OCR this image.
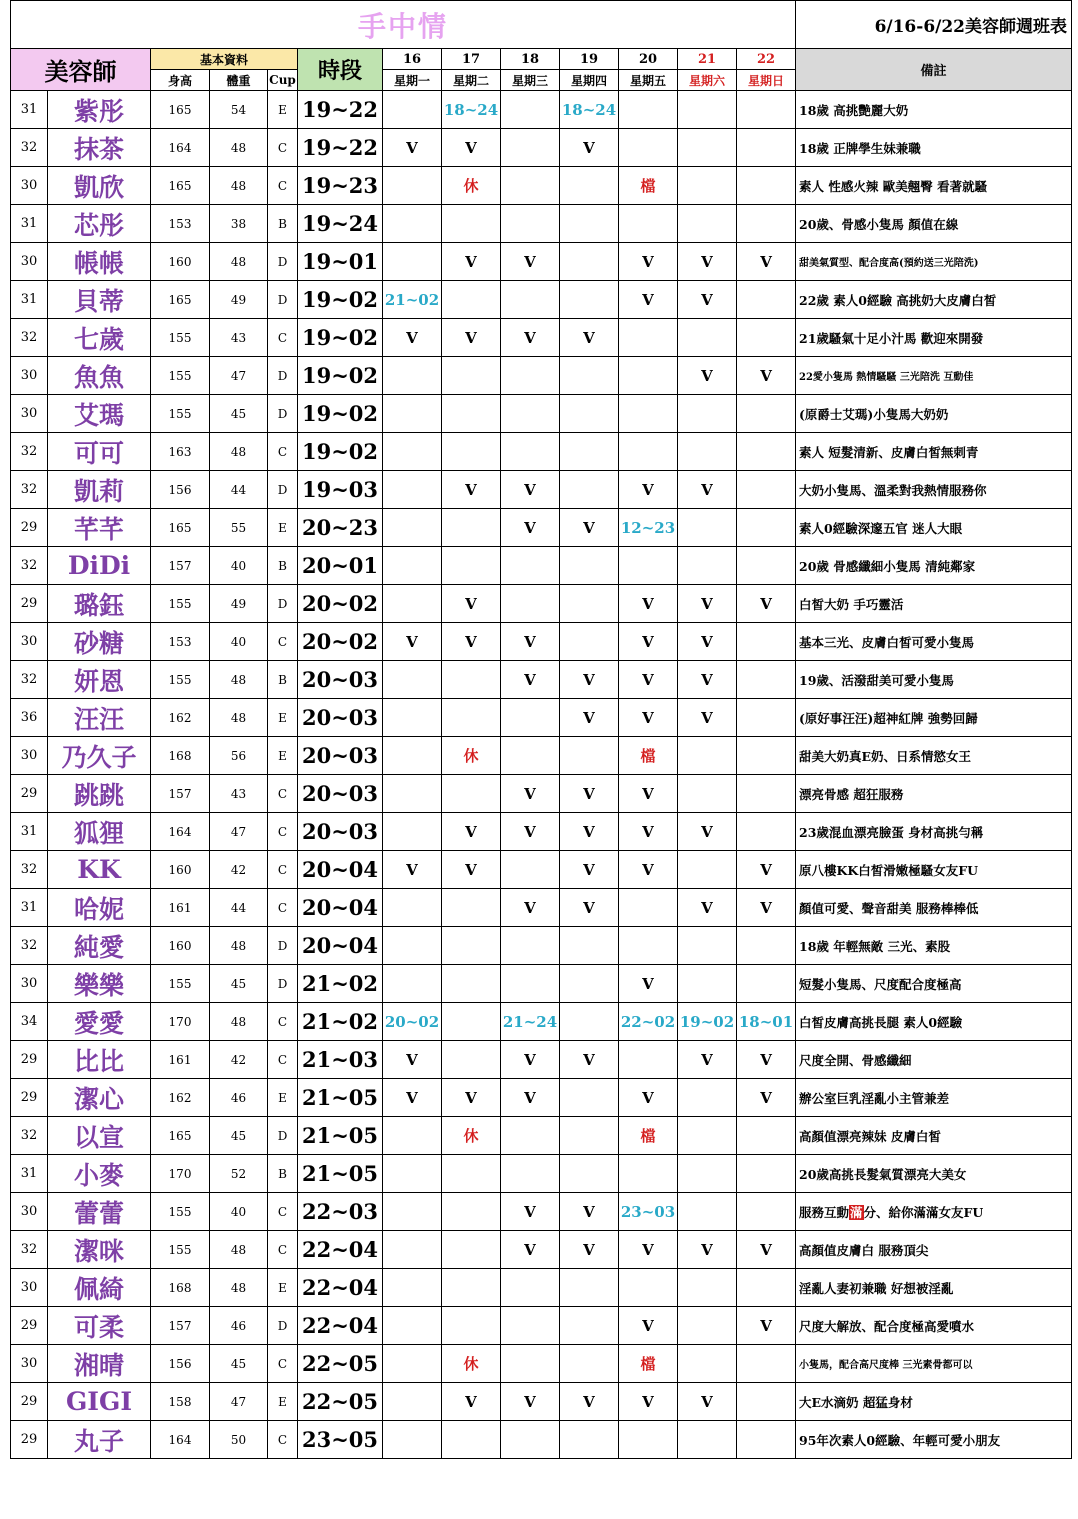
手中情													6/16-6/22美容師週班表
美容師		基本資料			時段	16	17	18	19	20	21	22	備註
		身高	體重	Cup		星期一	星期二	星期三	星期四	星期五	星期六	星期日	
31	紫彤	165	54	E	19~22		18~24		18~24				18歲 高挑艷麗大奶
32	抹茶	164	48	C	19~22	V	V		V				18歲 正牌學生妹兼職
30	凱欣	165	48	C	19~23		休			檔			素人 性感火辣 歐美翹臀 看著就騷
31	芯彤	153	38	B	19~24								20歲、骨感小隻馬 顏值在線
30	帳帳	160	48	D	19~01		V	V		V	V	V	甜美氣質型、配合度高(預約送三光陪洗)
31	貝蒂	165	49	D	19~02	21~02				V	V		22歲 素人0經驗 高挑奶大皮膚白皙
32	七歲	155	43	C	19~02	V	V	V	V				21歲騷氣十足小汁馬 歡迎來開發
30	魚魚	155	47	D	19~02						V	V	22愛小隻馬 熱情騷騷 三光陪洗 互動佳
30	艾瑪	155	45	D	19~02								(原爵士艾瑪)小隻馬大奶奶
32	可可	163	48	C	19~02								素人 短髮清新、皮膚白皙無刺青
32	凱莉	156	44	D	19~03		V	V		V	V		大奶小隻馬、溫柔對我熱情服務你
29	芊芊	165	55	E	20~23			V	V	12~23			素人0經驗深邃五官 迷人大眼
32	DiDi	157	40	B	20~01								20歲 骨感纖細小隻馬 清純鄰家
29	璐鈺	155	49	D	20~02		V			V	V	V	白皙大奶 手巧靈活
30	砂糖	153	40	C	20~02	V	V	V		V	V		基本三光、皮膚白皙可愛小隻馬
32	妍恩	155	48	B	20~03			V	V	V	V		19歲、活潑甜美可愛小隻馬
36	汪汪	162	48	E	20~03				V	V	V		(原好事汪汪)超神紅牌 強勢回歸
30	乃久子	168	56	E	20~03		休			檔			甜美大奶真E奶、日系情慾女王
29	跳跳	157	43	C	20~03			V	V	V			漂亮骨感 超狂服務
31	狐狸	164	47	C	20~03		V	V	V	V	V		23歲混血漂亮臉蛋 身材高挑勻稱
32	KK	160	42	C	20~04	V	V		V	V		V	原八樓KK白皙滑嫩極騷女友FU
31	哈妮	161	44	C	20~04			V	V		V	V	顏值可愛、聲音甜美 服務棒棒低
32	純愛	160	48	D	20~04								18歲 年輕無敵 三光、素股
30	樂樂	155	45	D	21~02					V			短髮小隻馬、尺度配合度極高
34	愛愛	170	48	C	21~02	20~02		21~24		22~02	19~02	18~01	白皙皮膚高挑長腿 素人0經驗
29	比比	161	42	C	21~03	V		V	V		V	V	尺度全開、骨感纖細
29	潔心	162	46	E	21~05	V	V	V		V		V	辦公室巨乳淫亂小主管兼差
32	以宣	165	45	D	21~05		休			檔			高顏值漂亮辣妹 皮膚白皙
31	小麥	170	52	B	21~05								20歲高挑長髮氣質漂亮大美女
30	蕾蕾	155	40	C	22~03			V	V	23~03			服務互動滿分、給你滿滿女友FU
32	潔咪	155	48	C	22~04			V	V	V	V	V	高顏值皮膚白 服務頂尖
30	佩綺	168	48	E	22~04								淫亂人妻初兼職 好想被淫亂
29	可柔	157	46	D	22~04					V		V	尺度大解放、配合度極高愛噴水
30	湘晴	156	45	C	22~05		休			檔			小隻馬，配合高尺度棒 三光素骨都可以
29	GIGI	158	47	E	22~05		V	V	V	V	V		大E水滴奶 超猛身材
29	丸子	164	50	C	23~05								95年次素人0經驗、年輕可愛小朋友
